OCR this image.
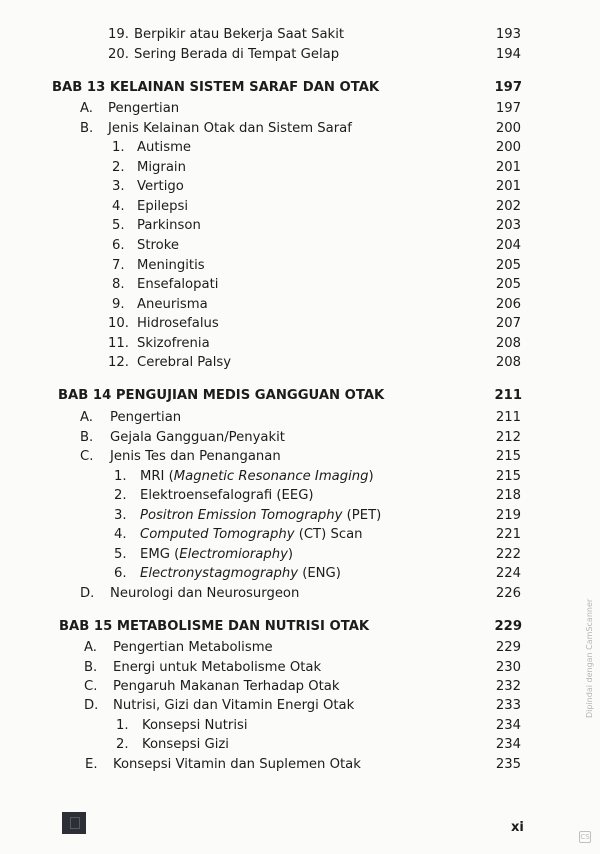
19. Berpikir atau Bekerja Saat Sakit	193
20. Sering Berada di Tempat Gelap	194
BAB 13 KELAINAN SISTEM SARAF DAN OTAK	197
A. Pengertian	197
B. Jenis Kelainan Otak dan Sistem Saraf	200
1. Autisme	200
2. Migrain	201
3. Vertigo	201
4. Epilepsi	202
5. Parkinson	203
6. Stroke	204
7. Meningitis	205
8. Ensefalopati	205
9. Aneurisma	206
10. Hidrosefalus	207
11. Skizofrenia	208
12. Cerebral Palsy	208
BAB 14 PENGUJIAN MEDIS GANGGUAN OTAK	211
A. Pengertian	211
B. Gejala Gangguan/Penyakit	212
C. Jenis Tes dan Penanganan	215
1. MRI (Magnetic Resonance Imaging)	215
2. Elektroensefalografi (EEG)	218
3. Positron Emission Tomography (PET)	219
4. Computed Tomography (CT) Scan	221
5. EMG (Electromioraphy)	222
6. Electronystagmography (ENG)	224
D. Neurologi dan Neurosurgeon	226
BAB 15 METABOLISME DAN NUTRISI OTAK	229
A. Pengertian Metabolisme	229
B. Energi untuk Metabolisme Otak	230
C. Pengaruh Makanan Terhadap Otak	232
D. Nutrisi, Gizi dan Vitamin Energi Otak	233
1. Konsepsi Nutrisi	234
2. Konsepsi Gizi	234
E. Konsepsi Vitamin dan Suplemen Otak	235
xi
Dipindai dengan CamScanner
CS
